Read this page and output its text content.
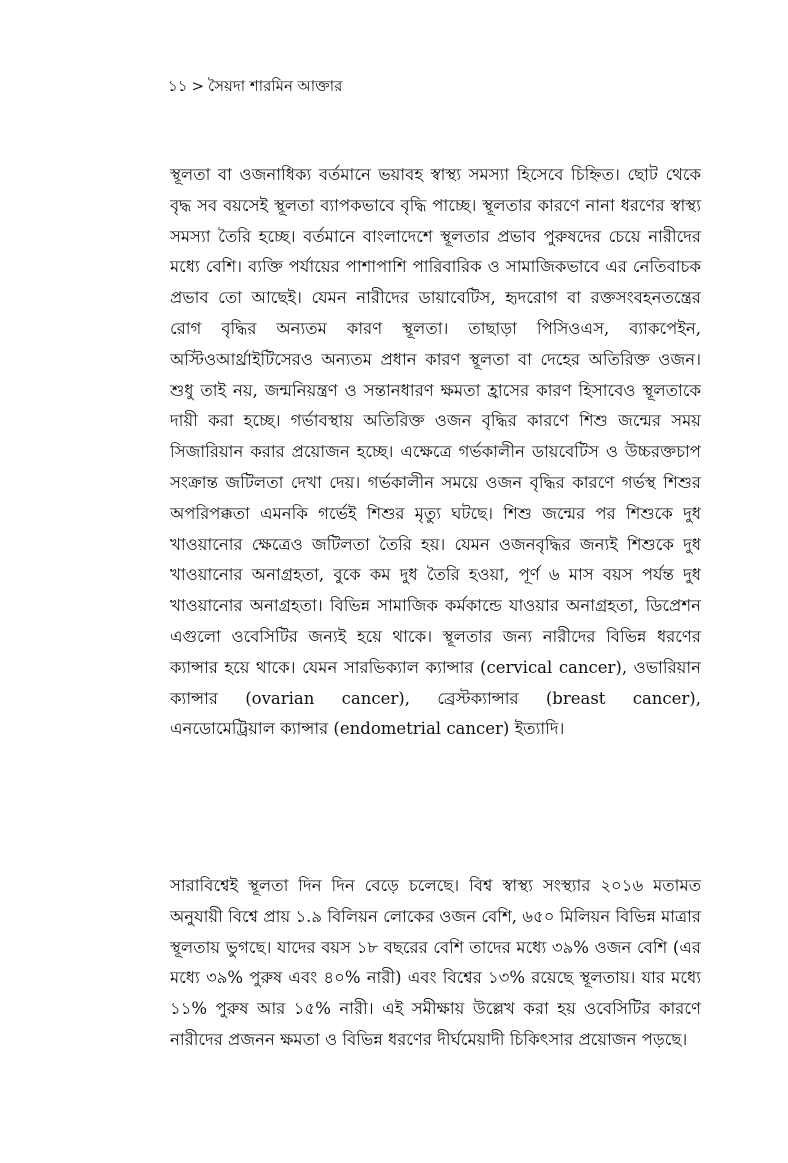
১১ > সৈয়দা শারমিন আক্তার

স্থূলতা বা ওজনাধিক্য বর্তমানে ভয়াবহ স্বাস্থ্য সমস্যা হিসেবে চিহ্নিত। ছোট থেকে বৃদ্ধ সব বয়সেই স্থূলতা ব্যাপকভাবে বৃদ্ধি পাচ্ছে। স্থূলতার কারণে নানা ধরণের স্বাস্থ্য সমস্যা তৈরি হচ্ছে। বর্তমানে বাংলাদেশে স্থূলতার প্রভাব পুরুষদের চেয়ে নারীদের মধ্যে বেশি। ব্যক্তি পর্যায়ের পাশাপাশি পারিবারিক ও সামাজিকভাবে এর নেতিবাচক প্রভাব তো আছেই। যেমন নারীদের ডায়াবেটিস, হৃদরোগ বা রক্তসংবহনতন্ত্রের রোগ বৃদ্ধির অন্যতম কারণ স্থূলতা। তাছাড়া পিসিওএস, ব্যাকপেইন, অস্টিওআর্থ্রাইটিসেরও অন্যতম প্রধান কারণ স্থূলতা বা দেহের অতিরিক্ত ওজন। শুধু তাই নয়, জন্মনিয়ন্ত্রণ ও সন্তানধারণ ক্ষমতা হ্রাসের কারণ হিসাবেও স্থূলতাকে দায়ী করা হচ্ছে। গর্ভাবস্থায় অতিরিক্ত ওজন বৃদ্ধির কারণে শিশু জন্মের সময় সিজারিয়ান করার প্রয়োজন হচ্ছে। এক্ষেত্রে গর্ভকালীন ডায়বেটিস ও উচ্চরক্তচাপ সংক্রান্ত জটিলতা দেখা দেয়। গর্ভকালীন সময়ে ওজন বৃদ্ধির কারণে গর্ভস্থ শিশুর অপরিপক্কতা এমনকি গর্ভেই শিশুর মৃত্যু ঘটছে। শিশু জন্মের পর শিশুকে দুধ খাওয়ানোর ক্ষেত্রেও জটিলতা তৈরি হয়। যেমন ওজনবৃদ্ধির জন্যই শিশুকে দুধ খাওয়ানোর অনাগ্রহতা, বুকে কম দুধ তৈরি হওয়া, পূর্ণ ৬ মাস বয়স পর্যন্ত দুধ খাওয়ানোর অনাগ্রহতা। বিভিন্ন সামাজিক কর্মকান্ডে যাওয়ার অনাগ্রহতা, ডিপ্রেশন এগুলো ওবেসিটির জন্যই হয়ে থাকে। স্থূলতার জন্য নারীদের বিভিন্ন ধরণের ক্যান্সার হয়ে থাকে। যেমন সারভিক্যাল ক্যান্সার (cervical cancer), ওভারিয়ান ক্যান্সার (ovarian cancer), ব্রেস্টক্যান্সার (breast cancer), এনডোমেট্রিয়াল ক্যান্সার (endometrial cancer) ইত্যাদি।

সারাবিশ্বেই স্থূলতা দিন দিন বেড়ে চলেছে। বিশ্ব স্বাস্থ্য সংস্থ্যার ২০১৬ মতামত অনুযায়ী বিশ্বে প্রায় ১.৯ বিলিয়ন লোকের ওজন বেশি, ৬৫০ মিলিয়ন বিভিন্ন মাত্রার স্থূলতায় ভুগছে। যাদের বয়স ১৮ বছরের বেশি তাদের মধ্যে ৩৯% ওজন বেশি (এর মধ্যে ৩৯% পুরুষ এবং ৪০% নারী) এবং বিশ্বের ১৩% রয়েছে স্থূলতায়। যার মধ্যে ১১% পুরুষ আর ১৫% নারী। এই সমীক্ষায় উল্লেখ করা হয় ওবেসিটির কারণে নারীদের প্রজনন ক্ষমতা ও বিভিন্ন ধরণের দীর্ঘমেয়াদী চিকিৎসার প্রয়োজন পড়ছে।
